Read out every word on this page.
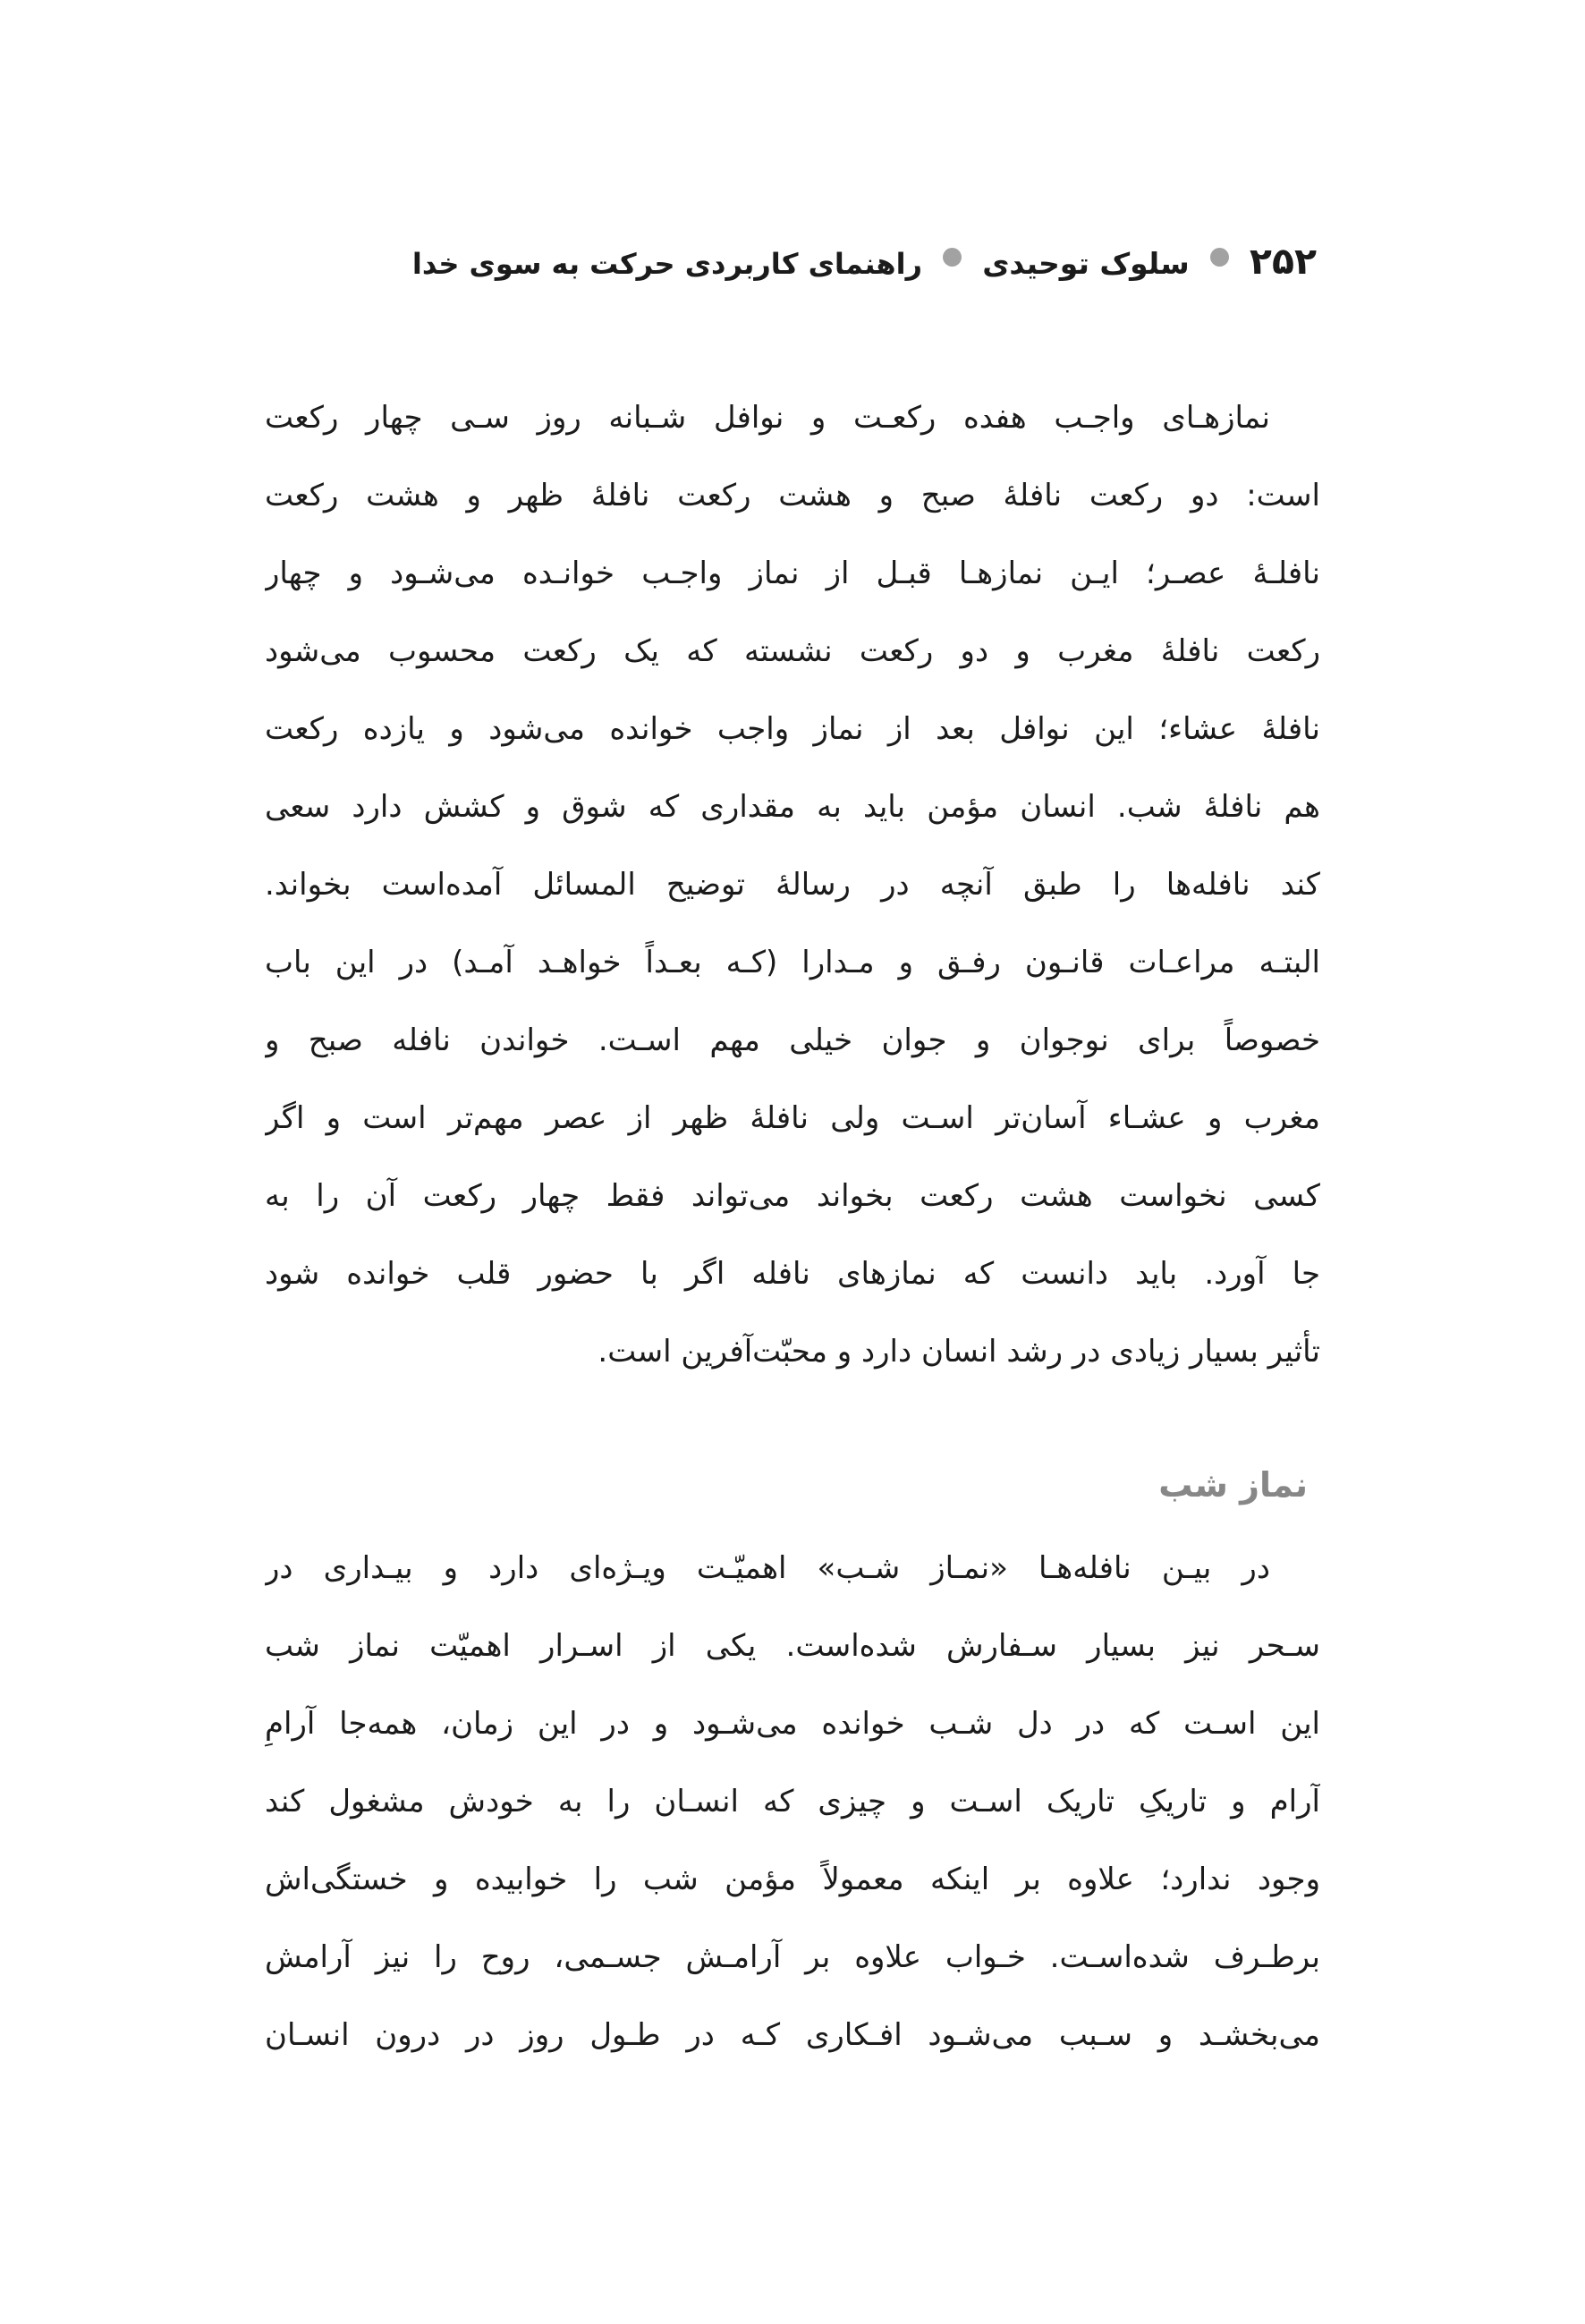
۲۵۲  سلوک توحیدی  راهنمای کاربردی حرکت به سوی خدا
نمازهـای واجـب هفده رکعـت و نوافل شـبانه روز سـی چهار رکعت
است: دو رکعت نافلهٔ صبح و هشت رکعت نافلهٔ ظهر و هشت رکعت
نافلـهٔ عصـر؛ ایـن نمازهـا قبـل از نماز واجـب خوانـده می‌شـود و چهار
رکعت نافلهٔ مغرب و دو رکعت نشسته که یک رکعت محسوب می‌شود
نافلهٔ عشاء؛ این نوافل بعد از نماز واجب خوانده می‌شود و یازده رکعت
هم نافلهٔ شب. انسان مؤمن باید به مقداری که شوق و کشش دارد سعی
کند نافله‌ها را طبق آنچه در رسالهٔ توضیح المسائل آمده‌است بخواند.
البتـه مراعـات قانـون رفـق و مـدارا (کـه بعـداً خواهـد آمـد) در این باب
خصوصاً برای نوجوان و جوان خیلی مهم اسـت. خواندن نافله صبح و
مغرب و عشـاء آسان‌تر اسـت ولی نافلهٔ ظهر از عصر مهم‌تر است و اگر
کسی نخواست هشت رکعت بخواند می‌تواند فقط چهار رکعت آن را به
جا آورد. باید دانست که نمازهای نافله اگر با حضور قلب خوانده شود
تأثیر بسیار زیادی در رشد انسان دارد و محبّت‌آفرین است.
نماز شب
در بیـن نافله‌هـا «نمـاز شـب» اهمیّـت ویـژه‌ای دارد و بیـداری در
سـحر نیز بسیار سـفارش شده‌است. یکی از اسـرار اهمیّت نماز شب
این اسـت که در دل شـب خوانده می‌شـود و در این زمان، همه‌جا آرامِ
آرام و تاریکِ تاریک اسـت و چیزی که انسـان را به خودش مشغول کند
وجود ندارد؛ علاوه بر اینکه معمولاً مؤمن شب را خوابیده و خستگی‌اش
برطـرف شده‌اسـت. خـواب علاوه بر آرامـش جسـمی، روح را نیز آرامش
می‌بخشـد و سـبب می‌شـود افـکاری کـه در طـول روز در درون انسـان
